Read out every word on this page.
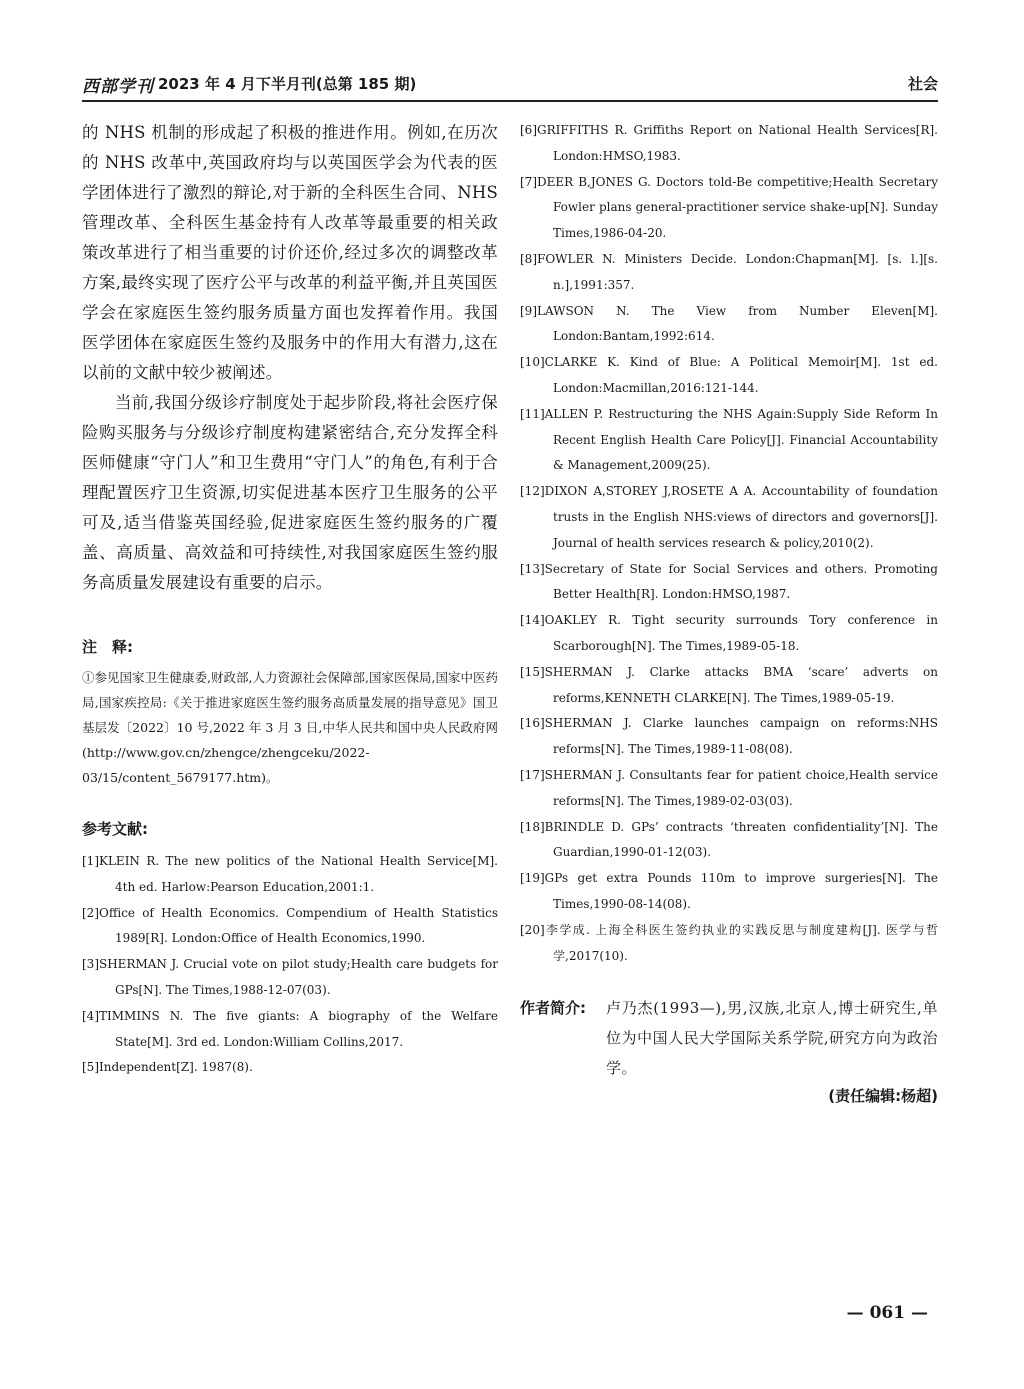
西部学刊 2023 年 4 月下半月刊(总第 185 期)	社会

的 NHS 机制的形成起了积极的推进作用。例如,在历次的 NHS 改革中,英国政府均与以英国医学会为代表的医学团体进行了激烈的辩论,对于新的全科医生合同、NHS 管理改革、全科医生基金持有人改革等最重要的相关政策改革进行了相当重要的讨价还价,经过多次的调整改革方案,最终实现了医疗公平与改革的利益平衡,并且英国医学会在家庭医生签约服务质量方面也发挥着作用。我国医学团体在家庭医生签约及服务中的作用大有潜力,这在以前的文献中较少被阐述。

当前,我国分级诊疗制度处于起步阶段,将社会医疗保险购买服务与分级诊疗制度构建紧密结合,充分发挥全科医师健康“守门人”和卫生费用“守门人”的角色,有利于合理配置医疗卫生资源,切实促进基本医疗卫生服务的公平可及,适当借鉴英国经验,促进家庭医生签约服务的广覆盖、高质量、高效益和可持续性,对我国家庭医生签约服务高质量发展建设有重要的启示。

注　释:

①参见国家卫生健康委,财政部,人力资源社会保障部,国家医保局,国家中医药局,国家疾控局:《关于推进家庭医生签约服务高质量发展的指导意见》国卫基层发〔2022〕10 号,2022 年 3 月 3 日,中华人民共和国中央人民政府网(http://www.gov.cn/zhengce/zhengceku/2022-03/15/content_5679177.htm)。

参考文献:

[1]KLEIN R. The new politics of the National Health Service[M]. 4th ed. Harlow:Pearson Education,2001:1.

[2]Office of Health Economics. Compendium of Health Statistics 1989[R]. London:Office of Health Economics,1990.

[3]SHERMAN J. Crucial vote on pilot study;Health care budgets for GPs[N]. The Times,1988-12-07(03).

[4]TIMMINS N. The five giants: A biography of the Welfare State[M]. 3rd ed. London:William Collins,2017.

[5]Independent[Z]. 1987(8).

[6]GRIFFITHS R. Griffiths Report on National Health Services[R]. London:HMSO,1983.

[7]DEER B,JONES G. Doctors told-Be competitive;Health Secretary Fowler plans general-practitioner service shake-up[N]. Sunday Times,1986-04-20.

[8]FOWLER N. Ministers Decide. London:Chapman[M]. [s. l.][s. n.],1991:357.

[9]LAWSON N. The View from Number Eleven[M]. London:Bantam,1992:614.

[10]CLARKE K. Kind of Blue: A Political Memoir[M]. 1st ed. London:Macmillan,2016:121-144.

[11]ALLEN P. Restructuring the NHS Again:Supply Side Reform In Recent English Health Care Policy[J]. Financial Accountability & Management,2009(25).

[12]DIXON A,STOREY J,ROSETE A A. Accountability of foundation trusts in the English NHS:views of directors and governors[J]. Journal of health services research & policy,2010(2).

[13]Secretary of State for Social Services and others. Promoting Better Health[R]. London:HMSO,1987.

[14]OAKLEY R. Tight security surrounds Tory conference in Scarborough[N]. The Times,1989-05-18.

[15]SHERMAN J. Clarke attacks BMA ‘scare’ adverts on reforms,KENNETH CLARKE[N]. The Times,1989-05-19.

[16]SHERMAN J. Clarke launches campaign on reforms:NHS reforms[N]. The Times,1989-11-08(08).

[17]SHERMAN J. Consultants fear for patient choice,Health service reforms[N]. The Times,1989-02-03(03).

[18]BRINDLE D. GPs’ contracts ‘threaten confidentiality’[N]. The Guardian,1990-01-12(03).

[19]GPs get extra Pounds 110m to improve surgeries[N]. The Times,1990-08-14(08).

[20]李学成. 上海全科医生签约执业的实践反思与制度建构[J]. 医学与哲学,2017(10).

作者简介:	卢乃杰(1993—),男,汉族,北京人,博士研究生,单位为中国人民大学国际关系学院,研究方向为政治学。

(责任编辑:杨超)
— 061 —
